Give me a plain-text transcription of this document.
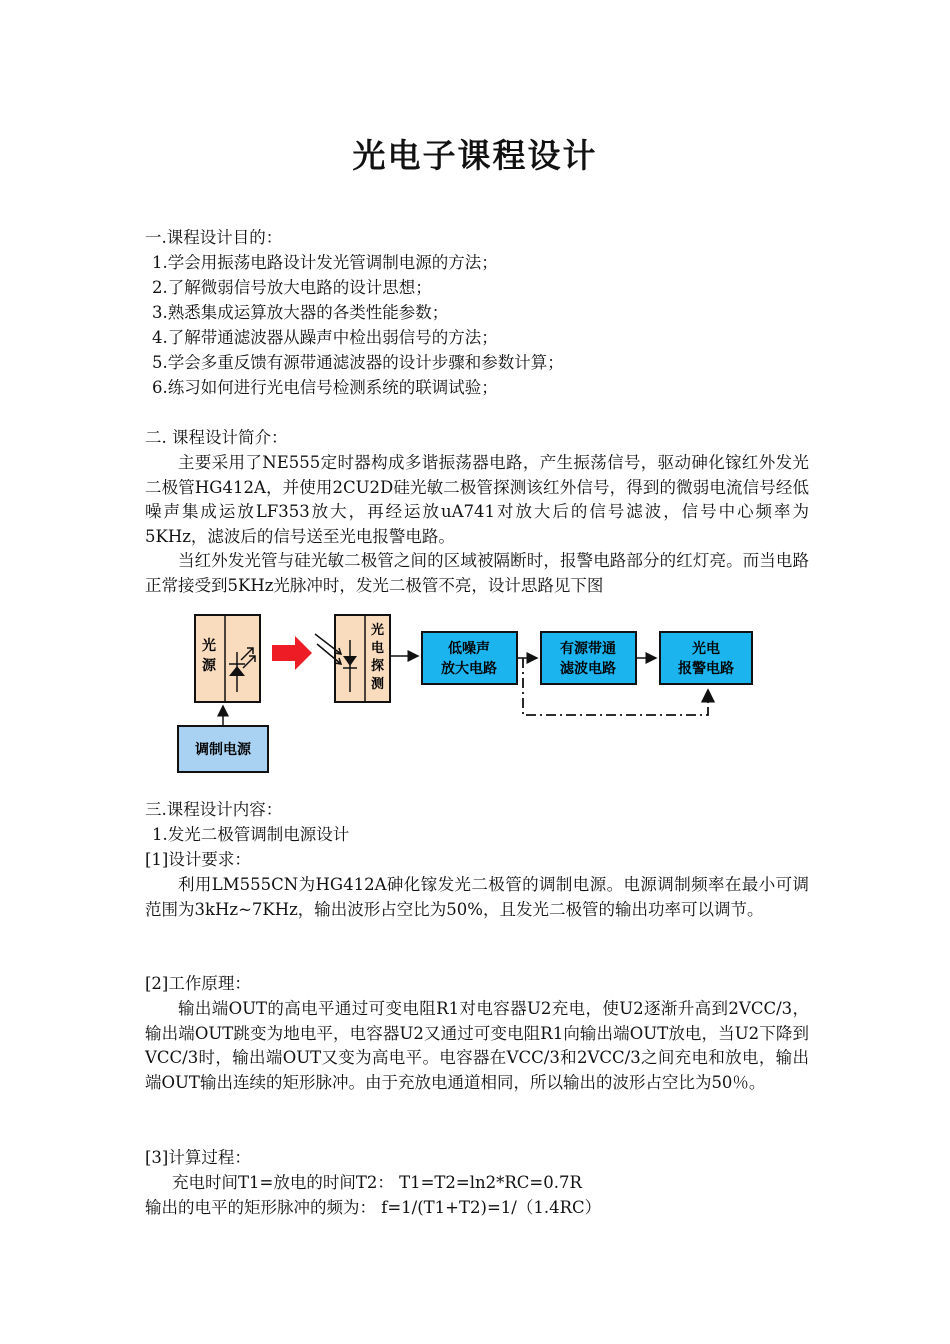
光电子课程设计
一.课程设计目的：
1.学会用振荡电路设计发光管调制电源的方法；
2.了解微弱信号放大电路的设计思想；
3.熟悉集成运算放大器的各类性能参数；
4.了解带通滤波器从躁声中检出弱信号的方法；
5.学会多重反馈有源带通滤波器的设计步骤和参数计算；
6.练习如何进行光电信号检测系统的联调试验；
二. 课程设计简介：

主要采用了NE555定时器构成多谐振荡器电路，产生振荡信号，驱动砷化镓红外发光二极管HG412A，并使用2CU2D硅光敏二极管探测该红外信号，得到的微弱电流信号经低噪声集成运放LF353放大，再经运放uA741对放大后的信号滤波，信号中心频率为5KHz，滤波后的信号送至光电报警电路。

当红外发光管与硅光敏二极管之间的区域被隔断时，报警电路部分的红灯亮。而当电路正常接受到5KHz光脉冲时，发光二极管不亮，设计思路见下图

光
源
光
电
探
测
低噪声
放大电路
有源带通
滤波电路
光电
报警电路
调制电源
三.课程设计内容：
1.发光二极管调制电源设计
[1]设计要求：

利用LM555CN为HG412A砷化镓发光二极管的调制电源。电源调制频率在最小可调范围为3kHz~7KHz，输出波形占空比为50%，且发光二极管的输出功率可以调节。

[2]工作原理：

输出端OUT的高电平通过可变电阻R1对电容器U2充电，使U2逐渐升高到2VCC/3，输出端OUT跳变为地电平，电容器U2又通过可变电阻R1向输出端OUT放电，当U2下降到VCC/3时，输出端OUT又变为高电平。电容器在VCC/3和2VCC/3之间充电和放电，输出端OUT输出连续的矩形脉冲。由于充放电通道相同，所以输出的波形占空比为50％。

[3]计算过程：
充电时间T1=放电的时间T2： T1=T2=ln2*RC=0.7R
输出的电平的矩形脉冲的频为： f=1/(T1+T2)=1/（1.4RC）
